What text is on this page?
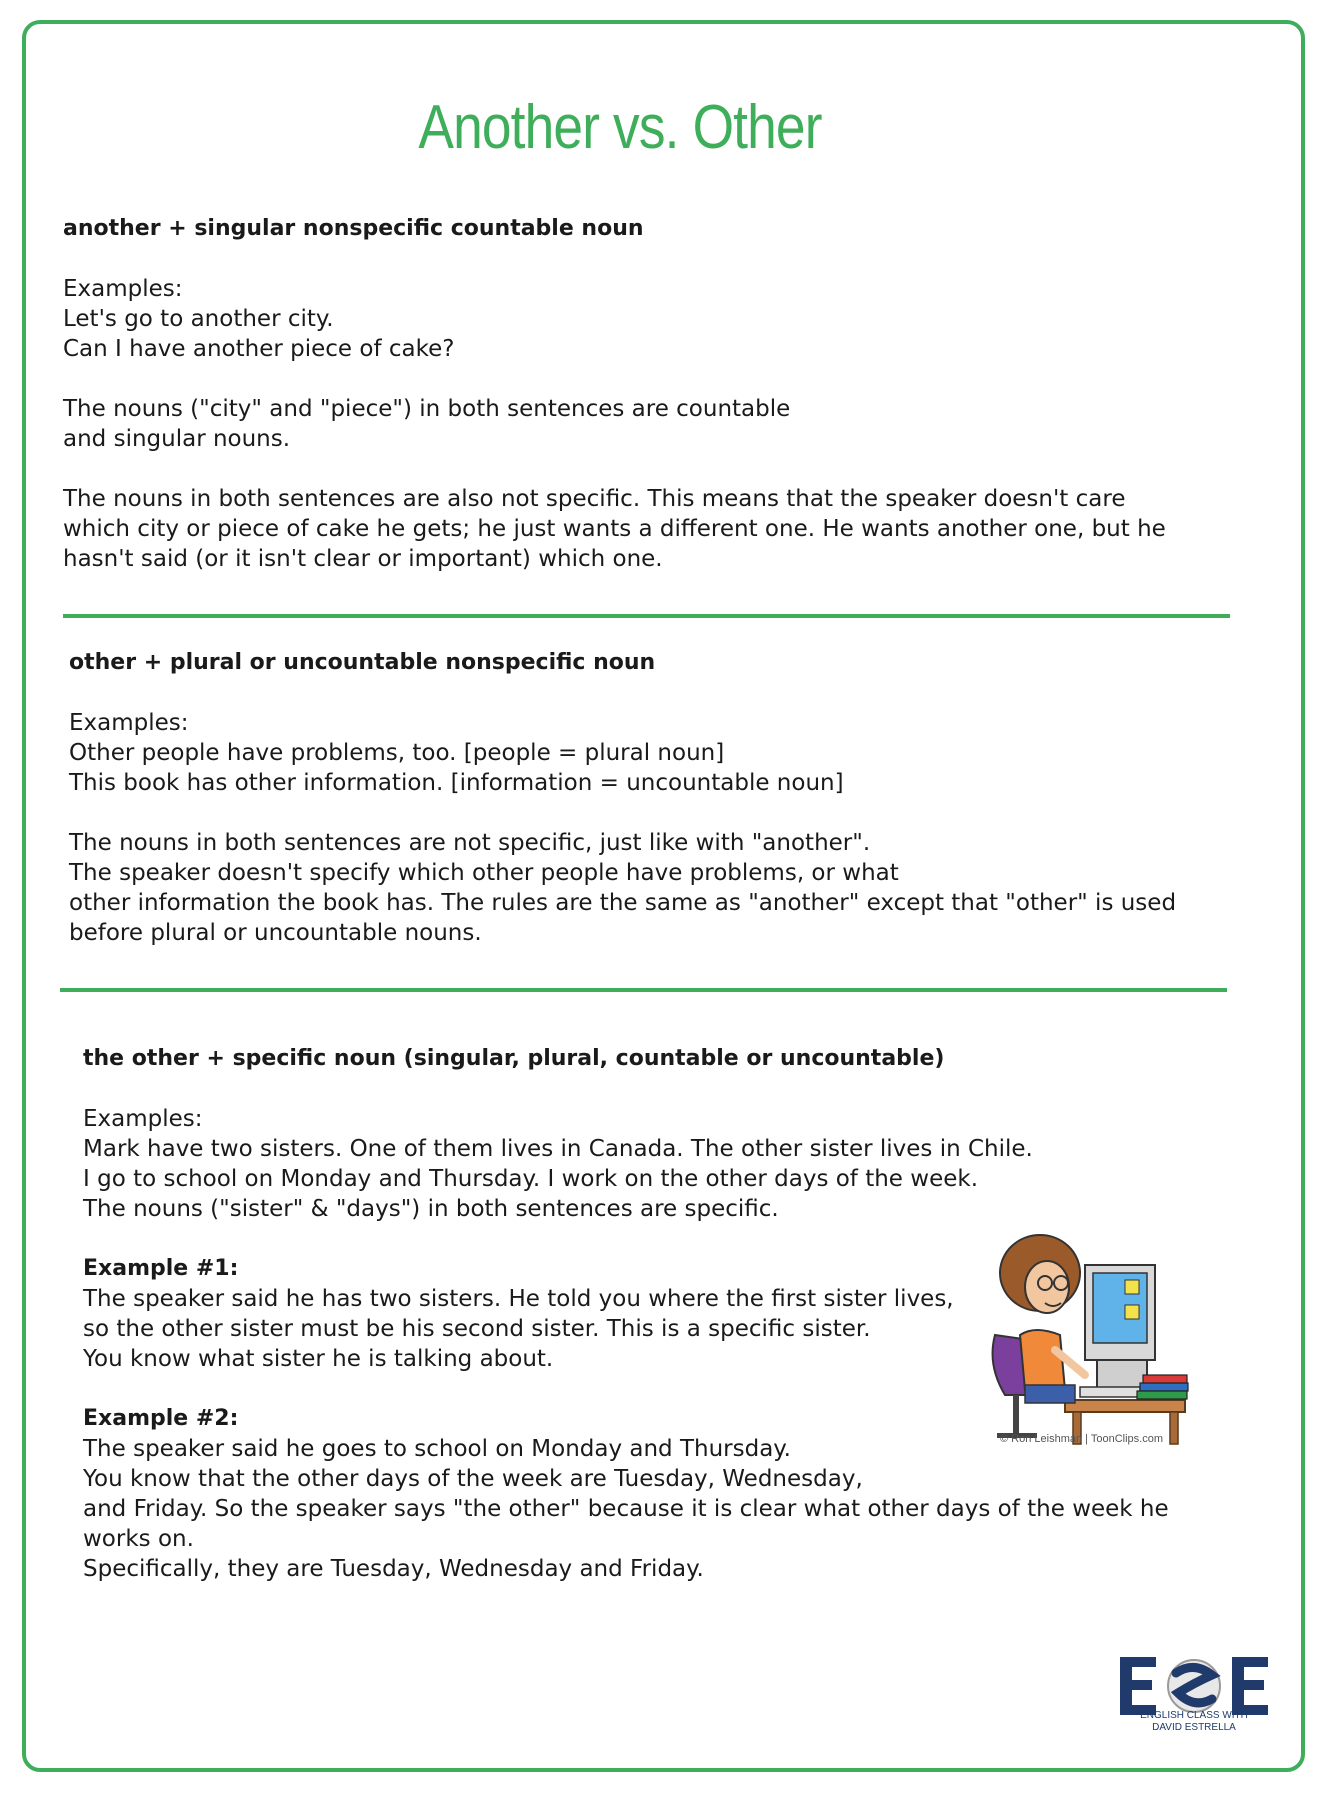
Another vs. Other

another + singular nonspecific countable noun

Examples:

Let's go to another city.

Can I have another piece of cake?

The nouns ("city" and "piece") in both sentences are countable

and singular nouns.

The nouns in both sentences are also not specific. This means that the speaker doesn't care

which city or piece of cake he gets; he just wants a different one. He wants another one, but he

hasn't said (or it isn't clear or important) which one.

other + plural or uncountable nonspecific noun

Examples:

Other people have problems, too. [people = plural noun]

This book has other information. [information = uncountable noun]

The nouns in both sentences are not specific, just like with "another".

The speaker doesn't specify which other people have problems, or what

other information the book has. The rules are the same as "another" except that "other" is used

before plural or uncountable nouns.

the other + specific noun (singular, plural, countable or uncountable)

Examples:

Mark have two sisters. One of them lives in Canada. The other sister lives in Chile.

I go to school on Monday and Thursday. I work on the other days of the week.

The nouns ("sister" & "days") in both sentences are specific.

Example #1:

The speaker said he has two sisters. He told you where the first sister lives,

so the other sister must be his second sister. This is a specific sister.

You know what sister he is talking about.

Example #2:

The speaker said he goes to school on Monday and Thursday.

You know that the other days of the week are Tuesday, Wednesday,

and Friday. So the speaker says "the other" because it is clear what other days of the week he

works on.

Specifically, they are Tuesday, Wednesday and Friday.

© Ron Leishman | ToonClips.com
ENGLISH CLASS WITH
DAVID ESTRELLA
